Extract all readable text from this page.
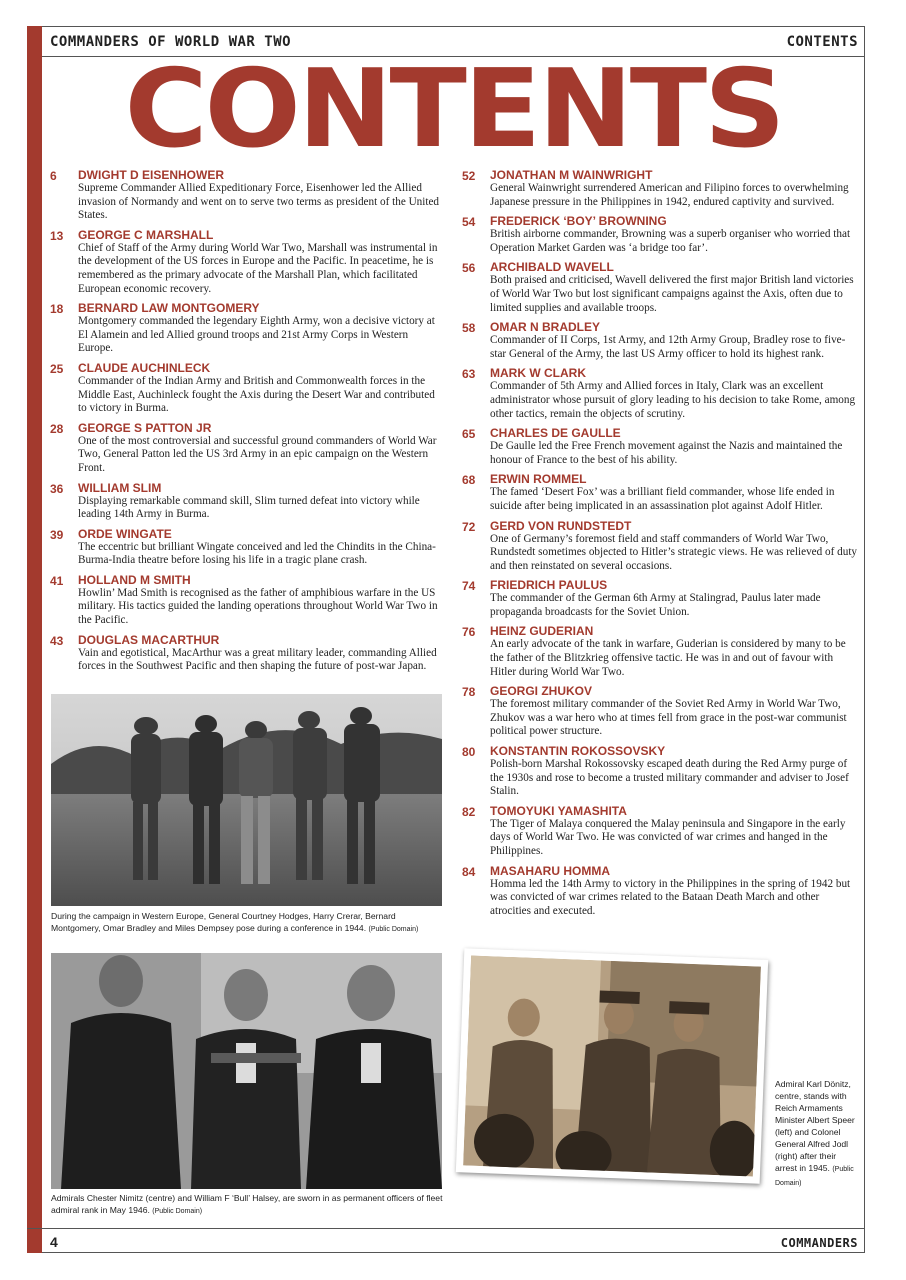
COMMANDERS OF WORLD WAR TWO	CONTENTS
CONTENTS
6	DWIGHT D EISENHOWER
Supreme Commander Allied Expeditionary Force, Eisenhower led the Allied invasion of Normandy and went on to serve two terms as president of the United States.
13	GEORGE C MARSHALL
Chief of Staff of the Army during World War Two, Marshall was instrumental in the development of the US forces in Europe and the Pacific. In peacetime, he is remembered as the primary advocate of the Marshall Plan, which facilitated European economic recovery.
18	BERNARD LAW MONTGOMERY
Montgomery commanded the legendary Eighth Army, won a decisive victory at El Alamein and led Allied ground troops and 21st Army Corps in Western Europe.
25	CLAUDE AUCHINLECK
Commander of the Indian Army and British and Commonwealth forces in the Middle East, Auchinleck fought the Axis during the Desert War and contributed to victory in Burma.
28	GEORGE S PATTON JR
One of the most controversial and successful ground commanders of World War Two, General Patton led the US 3rd Army in an epic campaign on the Western Front.
36	WILLIAM SLIM
Displaying remarkable command skill, Slim turned defeat into victory while leading 14th Army in Burma.
39	ORDE WINGATE
The eccentric but brilliant Wingate conceived and led the Chindits in the China-Burma-India theatre before losing his life in a tragic plane crash.
41	HOLLAND M SMITH
Howlin’ Mad Smith is recognised as the father of amphibious warfare in the US military. His tactics guided the landing operations throughout World War Two in the Pacific.
43	DOUGLAS MACARTHUR
Vain and egotistical, MacArthur was a great military leader, commanding Allied forces in the Southwest Pacific and then shaping the future of post-war Japan.
52	JONATHAN M WAINWRIGHT
General Wainwright surrendered American and Filipino forces to overwhelming Japanese pressure in the Philippines in 1942, endured captivity and survived.
54	FREDERICK ‘BOY’ BROWNING
British airborne commander, Browning was a superb organiser who worried that Operation Market Garden was ‘a bridge too far’.
56	ARCHIBALD WAVELL
Both praised and criticised, Wavell delivered the first major British land victories of World War Two but lost significant campaigns against the Axis, often due to limited supplies and available troops.
58	OMAR N BRADLEY
Commander of II Corps, 1st Army, and 12th Army Group, Bradley rose to five-star General of the Army, the last US Army officer to hold its highest rank.
63	MARK W CLARK
Commander of 5th Army and Allied forces in Italy, Clark was an excellent administrator whose pursuit of glory leading to his decision to take Rome, among other tactics, remain the objects of scrutiny.
65	CHARLES DE GAULLE
De Gaulle led the Free French movement against the Nazis and maintained the honour of France to the best of his ability.
68	ERWIN ROMMEL
The famed ‘Desert Fox’ was a brilliant field commander, whose life ended in suicide after being implicated in an assassination plot against Adolf Hitler.
72	GERD VON RUNDSTEDT
One of Germany’s foremost field and staff commanders of World War Two, Rundstedt sometimes objected to Hitler’s strategic views. He was relieved of duty and then reinstated on several occasions.
74	FRIEDRICH PAULUS
The commander of the German 6th Army at Stalingrad, Paulus later made propaganda broadcasts for the Soviet Union.
76	HEINZ GUDERIAN
An early advocate of the tank in warfare, Guderian is considered by many to be the father of the Blitzkrieg offensive tactic. He was in and out of favour with Hitler during World War Two.
78	GEORGI ZHUKOV
The foremost military commander of the Soviet Red Army in World War Two, Zhukov was a war hero who at times fell from grace in the post-war communist political power structure.
80	KONSTANTIN ROKOSSOVSKY
Polish-born Marshal Rokossovsky escaped death during the Red Army purge of the 1930s and rose to become a trusted military commander and adviser to Josef Stalin.
82	TOMOYUKI YAMASHITA
The Tiger of Malaya conquered the Malay peninsula and Singapore in the early days of World War Two. He was convicted of war crimes and hanged in the Philippines.
84	MASAHARU HOMMA
Homma led the 14th Army to victory in the Philippines in the spring of 1942 but was convicted of war crimes related to the Bataan Death March and other atrocities and executed.
During the campaign in Western Europe, General Courtney Hodges, Harry Crerar, Bernard Montgomery, Omar Bradley and Miles Dempsey pose during a conference in 1944. (Public Domain)
Admirals Chester Nimitz (centre) and William F ‘Bull’ Halsey, are sworn in as permanent officers of fleet admiral rank in May 1946. (Public Domain)
Admiral Karl Dönitz, centre, stands with Reich Armaments Minister Albert Speer (left) and Colonel General Alfred Jodl (right) after their arrest in 1945. (Public Domain)
4	COMMANDERS
